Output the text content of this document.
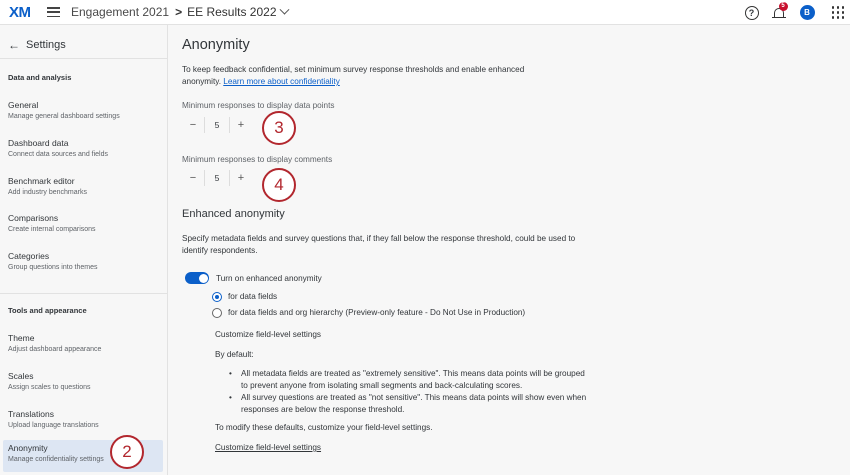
XM	Engagement 2021 > EE Results 2022	?
5
B
← Settings
Data and analysis
General
Manage general dashboard settings
Dashboard data
Connect data sources and fields
Benchmark editor
Add industry benchmarks
Comparisons
Create internal comparisons
Categories
Group questions into themes
Tools and appearance
Theme
Adjust dashboard appearance
Scales
Assign scales to questions
Translations
Upload language translations
Anonymity
Manage confidentiality settings	2
Anonymity
To keep feedback confidential, set minimum survey response thresholds and enable enhanced anonymity. Learn more about confidentiality
Minimum responses to display data points
−	5	+	3
Minimum responses to display comments
−	5	+	4
Enhanced anonymity
Specify metadata fields and survey questions that, if they fall below the response threshold, could be used to identify respondents.
Turn on enhanced anonymity
for data fields
for data fields and org hierarchy (Preview-only feature - Do Not Use in Production)
Customize field-level settings
By default:
• All metadata fields are treated as "extremely sensitive". This means data points will be grouped to prevent anyone from isolating small segments and back-calculating scores.
• All survey questions are treated as "not sensitive". This means data points will show even when responses are below the response threshold.
To modify these defaults, customize your field-level settings.
Customize field-level settings
